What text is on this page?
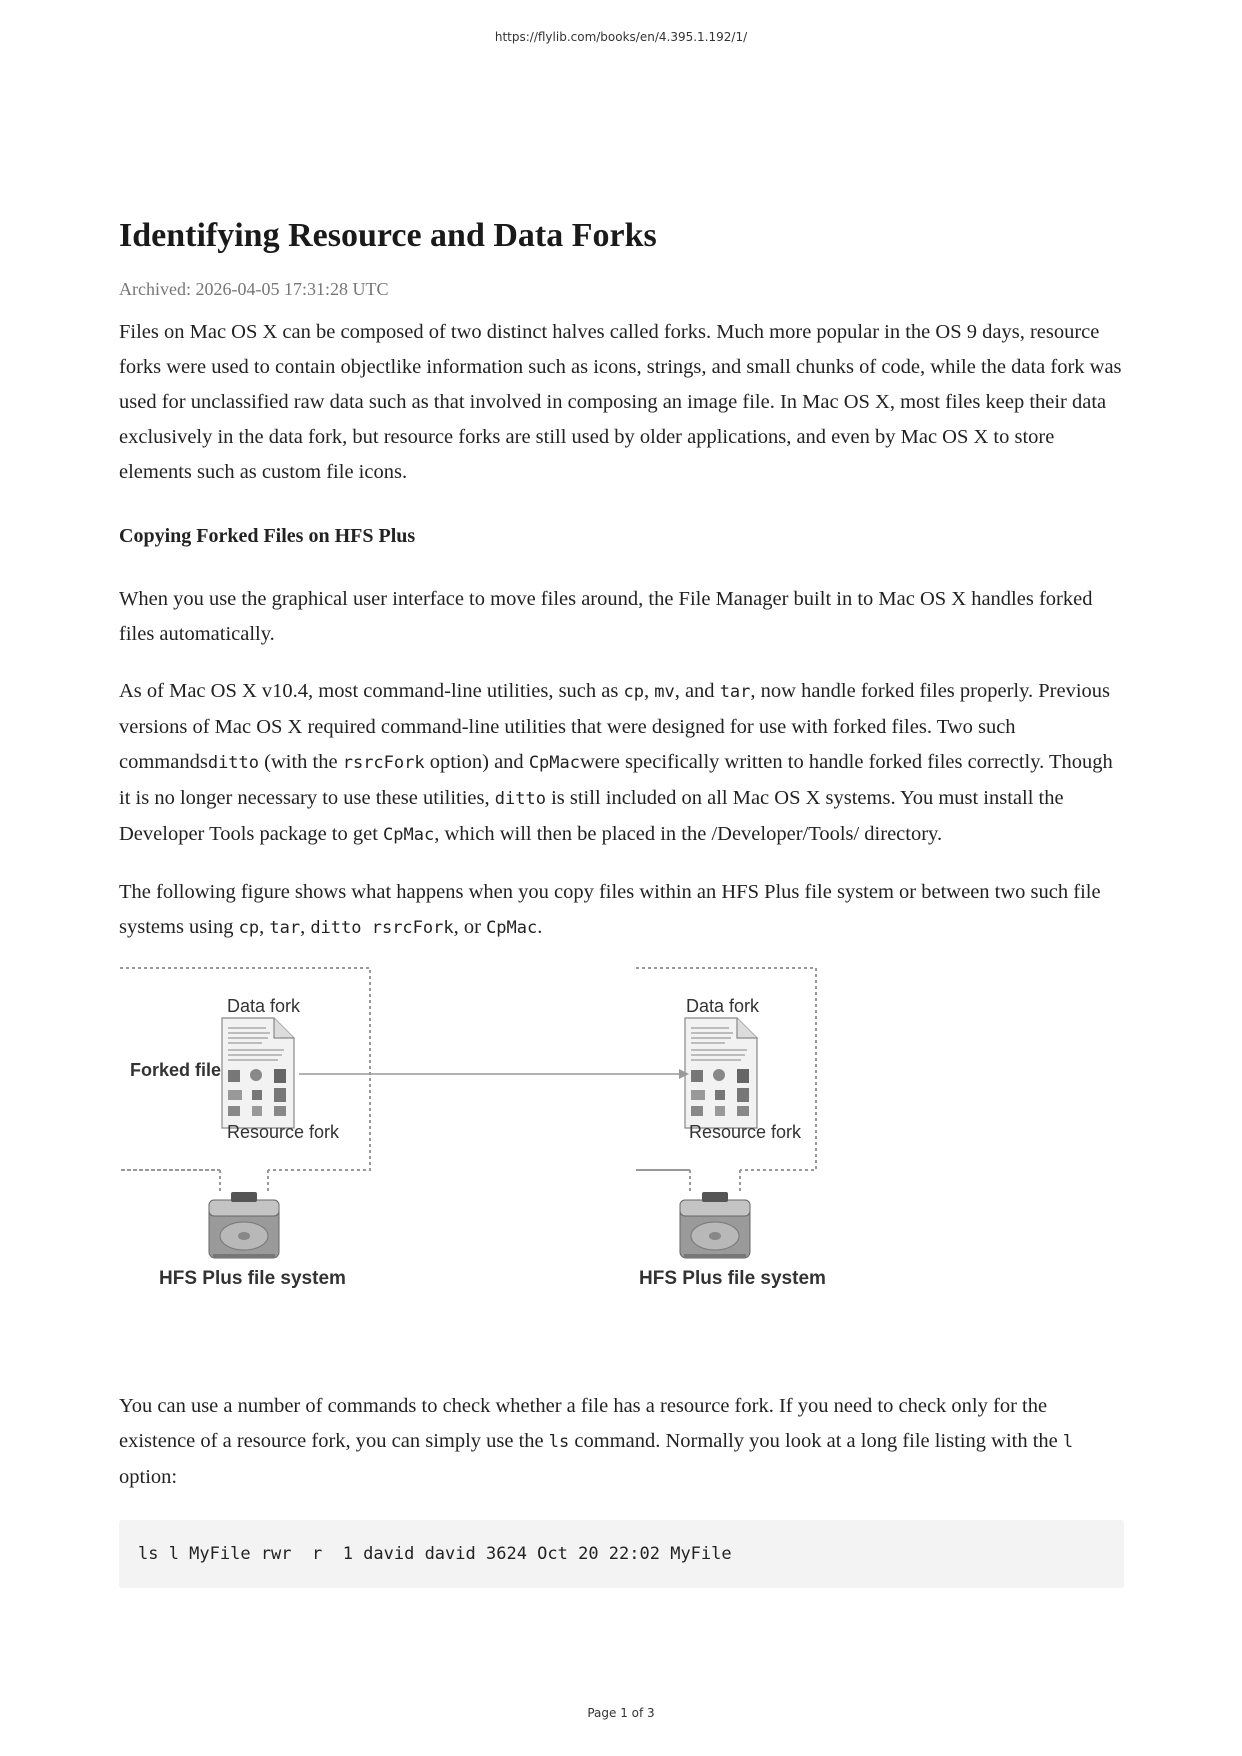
https://flylib.com/books/en/4.395.1.192/1/
Identifying Resource and Data Forks
Archived: 2026-04-05 17:31:28 UTC

Files on Mac OS X can be composed of two distinct halves called forks. Much more popular in the OS 9 days, resource forks were used to contain objectlike information such as icons, strings, and small chunks of code, while the data fork was used for unclassified raw data such as that involved in composing an image file. In Mac OS X, most files keep their data exclusively in the data fork, but resource forks are still used by older applications, and even by Mac OS X to store elements such as custom file icons.

Copying Forked Files on HFS Plus

When you use the graphical user interface to move files around, the File Manager built in to Mac OS X handles forked files automatically.

As of Mac OS X v10.4, most command-line utilities, such as cp, mv, and tar, now handle forked files properly. Previous versions of Mac OS X required command-line utilities that were designed for use with forked files. Two such commandsditto (with the rsrcFork option) and CpMacwere specifically written to handle forked files correctly. Though it is no longer necessary to use these utilities, ditto is still included on all Mac OS X systems. You must install the Developer Tools package to get CpMac, which will then be placed in the /Developer/Tools/ directory.

The following figure shows what happens when you copy files within an HFS Plus file system or between two such file systems using cp, tar, ditto rsrcFork, or CpMac.

Data fork
Forked file
Resource fork
Data fork
Resource fork
HFS Plus file system	HFS Plus file system

You can use a number of commands to check whether a file has a resource fork. If you need to check only for the existence of a resource fork, you can simply use the ls command. Normally you look at a long file listing with the l option:

ls l MyFile rwr  r  1 david david 3624 Oct 20 22:02 MyFile
Page 1 of 3
